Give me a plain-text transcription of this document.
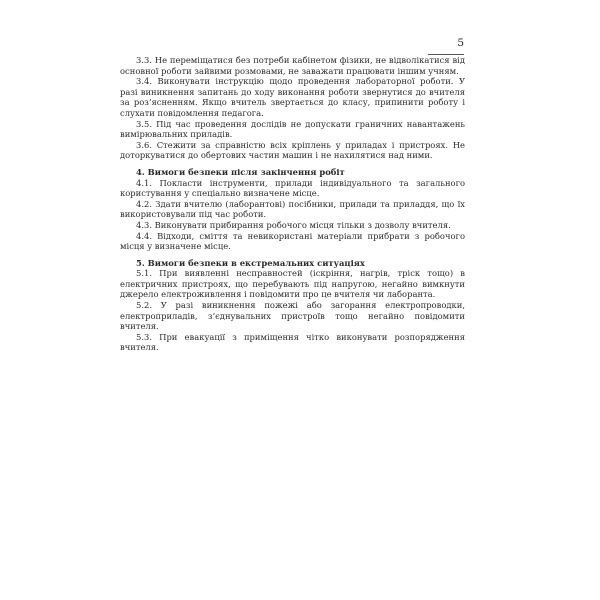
5

3.3. Не переміщатися без потреби кабінетом фізики, не відволікатися від основної роботи зайвими розмовами, не заважати працювати іншим учням.

3.4. Виконувати інструкцію щодо проведення лабораторної роботи. У разі виникнення запитань до ходу виконання роботи звернутися до вчителя за роз’ясненням. Якщо вчитель звертається до класу, припинити роботу і слухати повідомлення педагога.

3.5. Під час проведення дослідів не допускати граничних навантажень вимірювальних приладів.

3.6. Стежити за справністю всіх кріплень у приладах і пристроях. Не доторкуватися до обертових частин машин і не нахилятися над ними.

4. Вимоги безпеки після закінчення робіт

4.1. Покласти інструменти, прилади індивідуального та загального користування у спеціально визначене місце.

4.2. Здати вчителю (лаборантові) посібники, прилади та приладдя, що їх використовували під час роботи.

4.3. Виконувати прибирання робочого місця тільки з дозволу вчителя.

4.4. Відходи, сміття та невикористані матеріали прибрати з робочого місця у визначене місце.

5. Вимоги безпеки в екстремальних ситуаціях

5.1. При виявленні несправностей (іскріння, нагрів, тріск тощо) в електричних пристроях, що перебувають під напругою, негайно вимкнути джерело електроживлення і повідомити про це вчителя чи лаборанта.

5.2. У разі виникнення пожежі або загорання електропроводки, електроприладів, з’єднувальних пристроїв тощо негайно повідомити вчителя.

5.3. При евакуації з приміщення чітко виконувати розпорядження вчителя.
